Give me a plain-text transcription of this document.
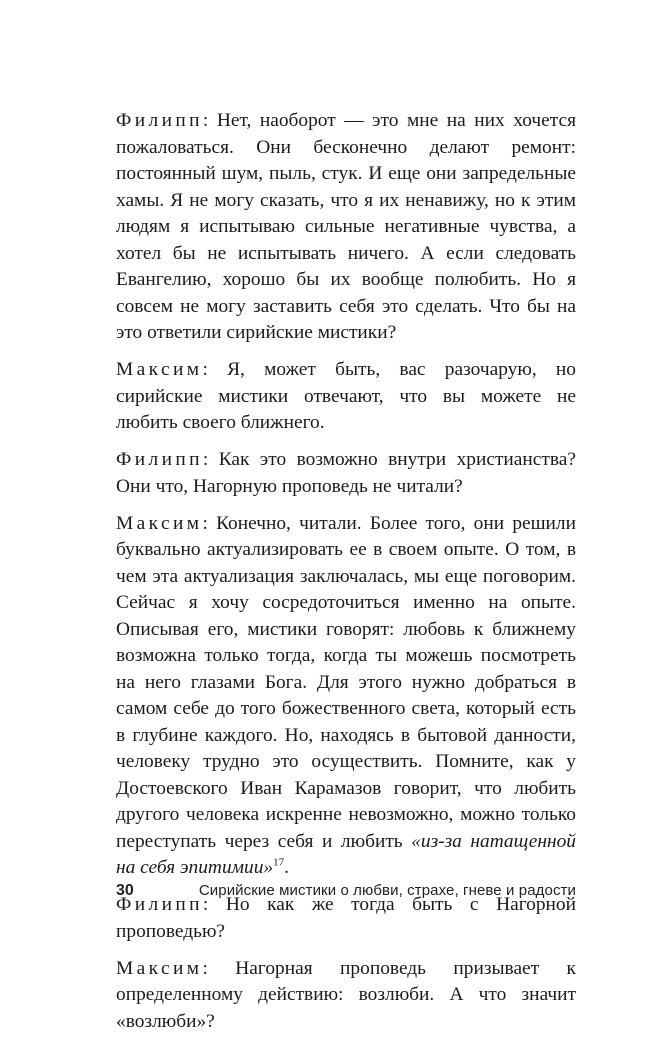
Филипп: Нет, наоборот — это мне на них хочется пожаловаться. Они бесконечно делают ремонт: постоянный шум, пыль, стук. И еще они запредельные хамы. Я не могу сказать, что я их ненавижу, но к этим людям я испытываю сильные негативные чувства, а хотел бы не испытывать ничего. А если следовать Евангелию, хорошо бы их вообще полюбить. Но я совсем не могу заставить себя это сделать. Что бы на это ответили сирийские мистики?

Максим: Я, может быть, вас разочарую, но сирийские мистики отвечают, что вы можете не любить своего ближнего.

Филипп: Как это возможно внутри христианства? Они что, Нагорную проповедь не читали?

Максим: Конечно, читали. Более того, они решили буквально актуализировать ее в своем опыте. О том, в чем эта актуализация заключалась, мы еще поговорим. Сейчас я хочу сосредоточиться именно на опыте. Описывая его, мистики говорят: любовь к ближнему возможна только тогда, когда ты можешь посмотреть на него глазами Бога. Для этого нужно добраться в самом себе до того божественного света, который есть в глубине каждого. Но, находясь в бытовой данности, человеку трудно это осуществить. Помните, как у Достоевского Иван Карамазов говорит, что любить другого человека искренне невозможно, можно только переступать через себя и любить «из-за натащенной на себя эпитимии»$^{17}$.

Филипп: Но как же тогда быть с Нагорной проповедью?

Максим: Нагорная проповедь призывает к определенному действию: возлюби. А что значит «возлюби»?

30	Сирийские мистики о любви, страхе, гневе и радости
